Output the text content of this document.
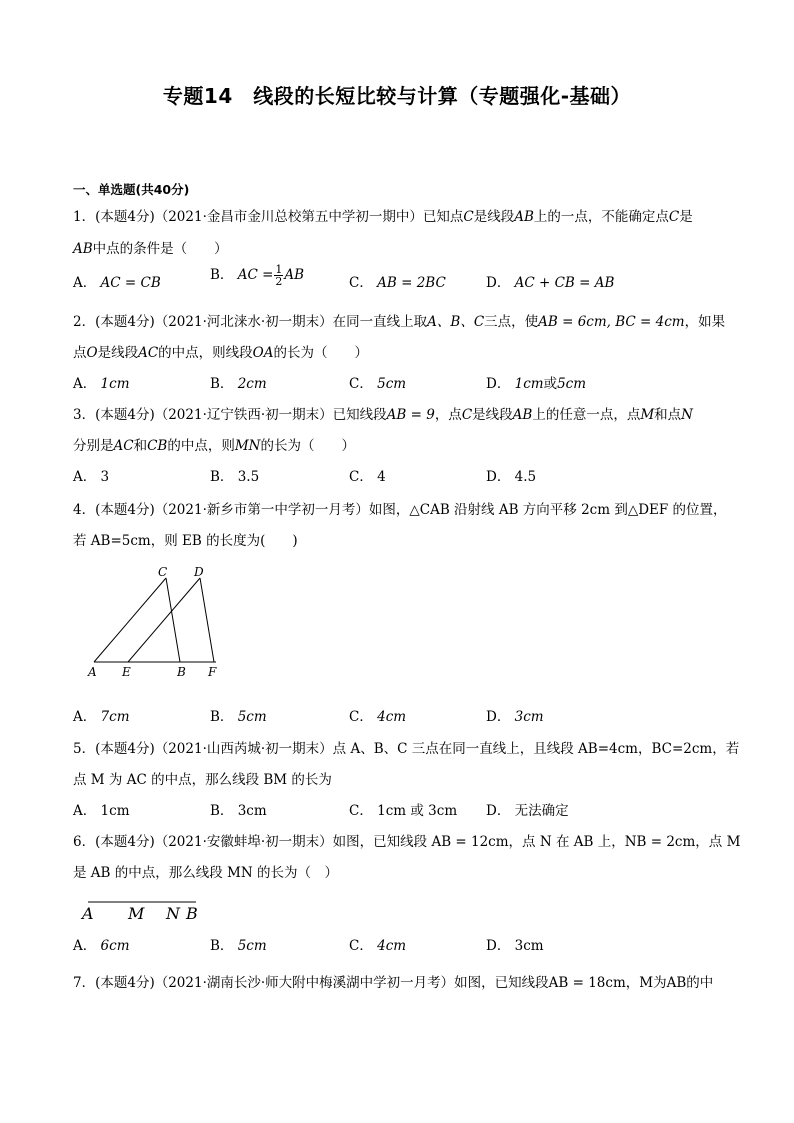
专题14　线段的长短比较与计算（专题强化-基础）
一、单选题(共40分)
1．(本题4分)（2021·金昌市金川总校第五中学初一期中）已知点C是线段AB上的一点，不能确定点C是
AB中点的条件是（　　）
A． AC = CB	B． AC = $\frac{1}{2}$ AB	C． AB = 2BC	D． AC + CB = AB
2．(本题4分)（2021·河北涞水·初一期末）在同一直线上取A、B、C三点，使AB = 6cm, BC = 4cm，如果
点O是线段AC的中点，则线段OA的长为（　　）
A． 1cm	B． 2cm	C． 5cm	D． 1cm或5cm
3．(本题4分)（2021·辽宁铁西·初一期末）已知线段AB = 9，点C是线段AB上的任意一点，点M和点N
分别是AC和CB的中点，则MN的长为（　　）
A． 3	B． 3.5	C． 4	D． 4.5
4．(本题4分)（2021·新乡市第一中学初一月考）如图，△CAB 沿射线 AB 方向平移 2cm 到△DEF 的位置，
若 AB=5cm，则 EB 的长度为(　　)
C D
A E	B F
A． 7cm	B． 5cm	C． 4cm	D． 3cm
5．(本题4分)（2021·山西芮城·初一期末）点 A、B、C 三点在同一直线上，且线段 AB=4cm，BC=2cm，若
点 M 为 AC 的中点，那么线段 BM 的长为
A． 1cm	B． 3cm	C． 1cm 或 3cm D． 无法确定
6．(本题4分)（2021·安徽蚌埠·初一期末）如图，已知线段 AB = 12cm，点 N 在 AB 上，NB = 2cm，点 M
是 AB 的中点，那么线段 MN 的长为（　）
A M N B
A． 6cm	B． 5cm	C． 4cm	D． 3cm
7．(本题4分)（2021·湖南长沙·师大附中梅溪湖中学初一月考）如图，已知线段AB = 18cm，M为AB的中
